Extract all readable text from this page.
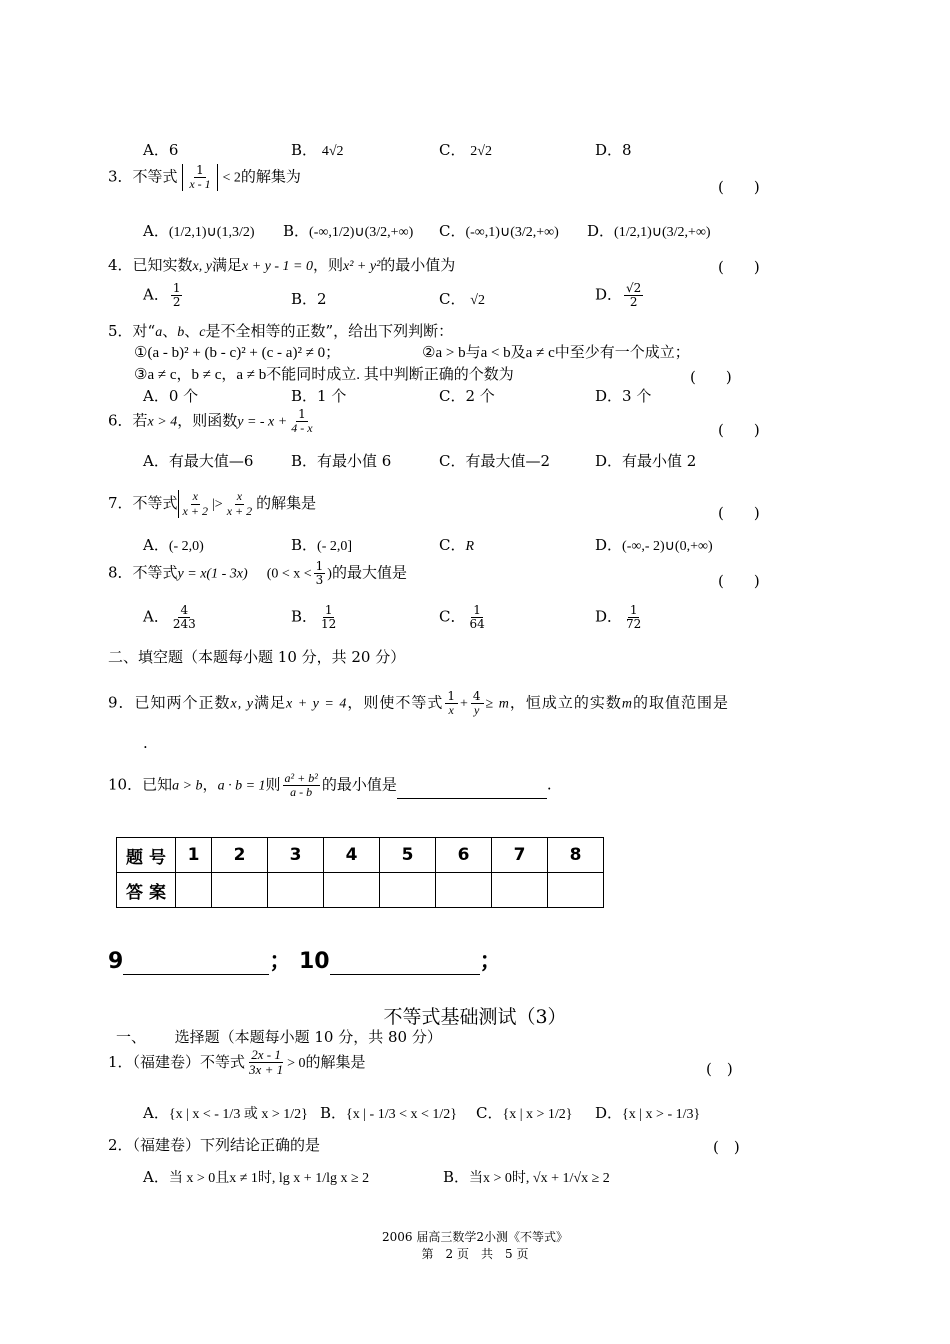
A．6	B． 4√2	C． 2√2	D．8
3．不等式 $\frac{1}{x - 1} < 2$的解集为
(　　)
A．(1/2,1)∪(1,3/2) B．(-∞,1/2)∪(3/2,+∞) C．(-∞,1)∪(3/2,+∞) D．(1/2,1)∪(3/2,+∞)
4．已知实数x, y满足x + y - 1 = 0，则x² + y²的最小值为	(　　)
A． $\frac{1}{2}$	B．2	C． √2	D． $\frac{√2}{2}$
5．对“a、b、c是不全相等的正数”，给出下列判断：
①(a - b)² + (b - c)² + (c - a)² ≠ 0；	②a > b与a < b及a ≠ c中至少有一个成立；
③a ≠ c，b ≠ c，a ≠ b不能同时成立. 其中判断正确的个数为	(　　)
A．0 个	B．1 个	C．2 个	D．3 个
6．若x > 4，则函数y = - $x + \frac{1}{4 - x}$	(　　)
A．有最大值—6	B．有最小值 6	C．有最大值—2	D．有最小值 2
7．不等式 $\frac{x}{x + 2}$ |> $\frac{x}{x + 2}$ 的解集是
(　　)
A．(- 2,0)	B．(- 2,0]	C．R	D．(-∞,- 2)∪(0,+∞)
8．不等式y = x(1 - 3x) ($0 < x < \frac{1}{3}$ )的最大值是	(　　)
A． $\frac{4}{243}$	B． $\frac{1}{12}$	C． $\frac{1}{64}$	D． $\frac{1}{72}$
二、填空题（本题每小题 10 分，共 20 分）
9．已知两个正数x, y满足x + y = 4，则使不等式 $\frac{1}{x} + \frac{4}{y} \ge m$，恒成立的实数m的取值范围是
.
10．已知a > b，a · b = 1则 $\frac{\text{a² + b²}}{a - b}$ 的最小值是	.
题 号	1	2	3	4	5	6	7	8
答 案								
9	； 10	；
不等式基础测试（3）
一、 选择题（本题每小题 10 分，共 80 分）
1．（福建卷）不等式 $\frac{2x - 1}{3x + 1} > 0$的解集是	(　)
A．{x | x < - 1/3 或 x > 1/2} B．{x | - 1/3 < x < 1/2} C．{x | x > 1/2} D．{x | x > - 1/3}
2．（福建卷）下列结论正确的是	(　)
A．当 x > 0且x ≠ 1时, lg x + 1/lg x ≥ 2	B．当x > 0时, √x + 1/√x ≥ 2
2006 届高三数学2小测《不等式》
第　2 页　共　5 页
